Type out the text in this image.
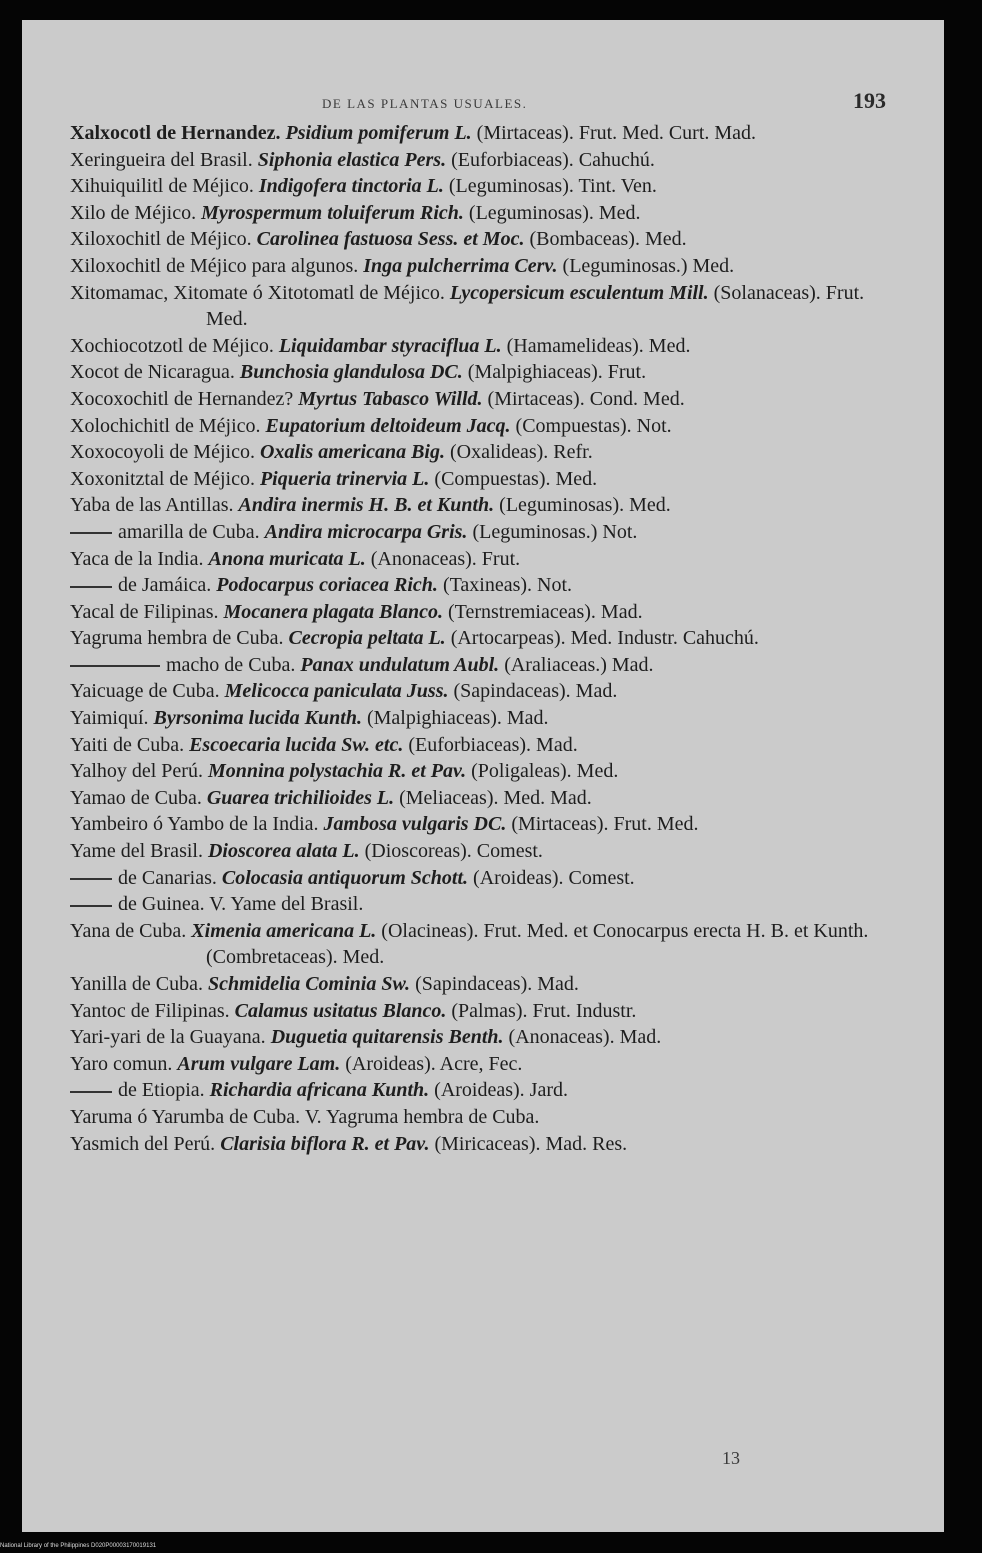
DE LAS PLANTAS USUALES.	193
Xalxocotl de Hernandez. Psidium pomiferum L. (Mirtaceas). Frut. Med. Curt. Mad.
Xeringueira del Brasil. Siphonia elastica Pers. (Euforbiaceas). Cahuchú.
Xihuiquilitl de Méjico. Indigofera tinctoria L. (Leguminosas). Tint. Ven.
Xilo de Méjico. Myrospermum toluiferum Rich. (Leguminosas). Med.
Xiloxochitl de Méjico. Carolinea fastuosa Sess. et Moc. (Bombaceas). Med.
Xiloxochitl de Méjico para algunos. Inga pulcherrima Cerv. (Leguminosas.) Med.
Xitomamac, Xitomate ó Xitotomatl de Méjico. Lycopersicum esculentum Mill. (Solanaceas). Frut. Med.
Xochiocotzotl de Méjico. Liquidambar styraciflua L. (Hamamelideas). Med.
Xocot de Nicaragua. Bunchosia glandulosa DC. (Malpighiaceas). Frut.
Xocoxochitl de Hernandez? Myrtus Tabasco Willd. (Mirtaceas). Cond. Med.
Xolochichitl de Méjico. Eupatorium deltoideum Jacq. (Compuestas). Not.
Xoxocoyoli de Méjico. Oxalis americana Big. (Oxalideas). Refr.
Xoxonitztal de Méjico. Piqueria trinervia L. (Compuestas). Med.
Yaba de las Antillas. Andira inermis H. B. et Kunth. (Leguminosas). Med.
amarilla de Cuba. Andira microcarpa Gris. (Leguminosas.) Not.
Yaca de la India. Anona muricata L. (Anonaceas). Frut.
de Jamáica. Podocarpus coriacea Rich. (Taxineas). Not.
Yacal de Filipinas. Mocanera plagata Blanco. (Ternstremiaceas). Mad.
Yagruma hembra de Cuba. Cecropia peltata L. (Artocarpeas). Med. Industr. Cahuchú.
macho de Cuba. Panax undulatum Aubl. (Araliaceas.) Mad.
Yaicuage de Cuba. Melicocca paniculata Juss. (Sapindaceas). Mad.
Yaimiquí. Byrsonima lucida Kunth. (Malpighiaceas). Mad.
Yaiti de Cuba. Escoecaria lucida Sw. etc. (Euforbiaceas). Mad.
Yalhoy del Perú. Monnina polystachia R. et Pav. (Poligaleas). Med.
Yamao de Cuba. Guarea trichilioides L. (Meliaceas). Med. Mad.
Yambeiro ó Yambo de la India. Jambosa vulgaris DC. (Mirtaceas). Frut. Med.
Yame del Brasil. Dioscorea alata L. (Dioscoreas). Comest.
de Canarias. Colocasia antiquorum Schott. (Aroideas). Comest.
de Guinea. V. Yame del Brasil.
Yana de Cuba. Ximenia americana L. (Olacineas). Frut. Med. et Conocarpus erecta H. B. et Kunth. (Combretaceas). Med.
Yanilla de Cuba. Schmidelia Cominia Sw. (Sapindaceas). Mad.
Yantoc de Filipinas. Calamus usitatus Blanco. (Palmas). Frut. Industr.
Yari-yari de la Guayana. Duguetia quitarensis Benth. (Anonaceas). Mad.
Yaro comun. Arum vulgare Lam. (Aroideas). Acre, Fec.
de Etiopia. Richardia africana Kunth. (Aroideas). Jard.
Yaruma ó Yarumba de Cuba. V. Yagruma hembra de Cuba.
Yasmich del Perú. Clarisia biflora R. et Pav. (Miricaceas). Mad. Res.
13
National Library of the Philippines D020P00003170019131
